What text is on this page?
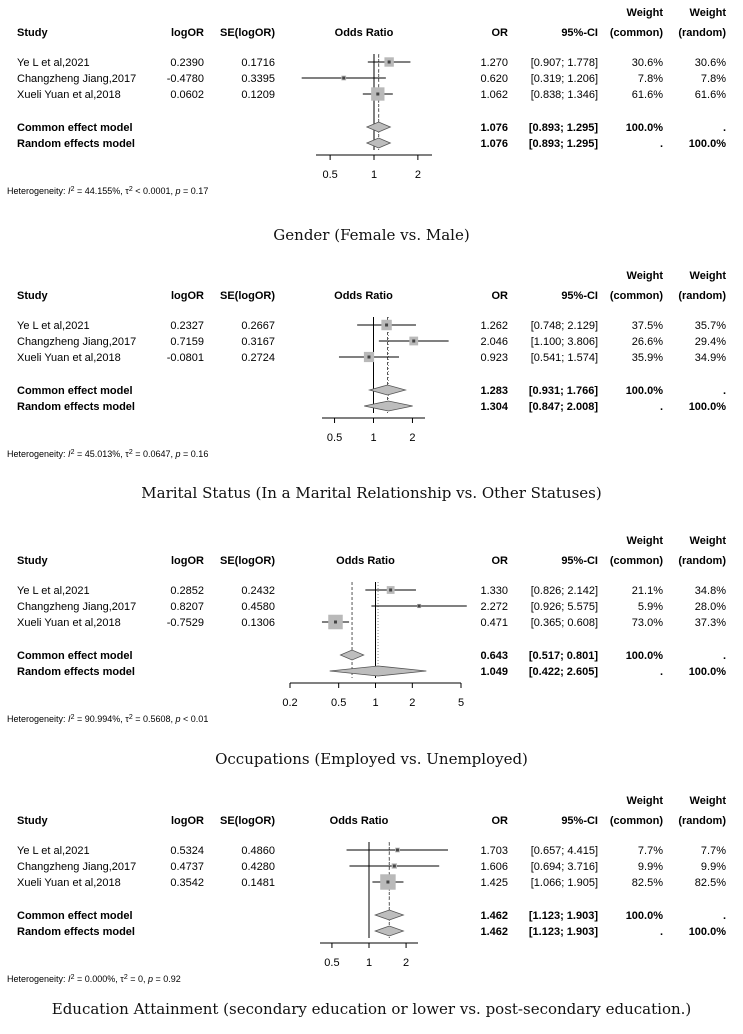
Weight Weight
Study	logOR SE(logOR)	Odds Ratio	OR	95%-CI (common) (random)
Ye L et al,2021	0.2390	0.1716	1.270 [0.907; 1.778]	30.6%	30.6%
Changzheng Jiang,2017	-0.4780	0.3395	0.620 [0.319; 1.206]	7.8%	7.8%
Xueli Yuan et al,2018	0.0602	0.1209	1.062 [0.838; 1.346]	61.6%	61.6%
Common effect model	1.076 [0.893; 1.295]	100.0%	.
Random effects model	1.076 [0.893; 1.295]	. 100.0%
0.5	1	2
Heterogeneity: $I^2 = 44.155\%$, $\tau^2 < 0.0001$, p = 0.17
Gender (Female vs. Male)
Weight Weight
Study	logOR SE(logOR)	Odds Ratio	OR	95%-CI (common) (random)
Ye L et al,2021	0.2327	0.2667	1.262 [0.748; 2.129]	37.5%	35.7%
Changzheng Jiang,2017	0.7159	0.3167	2.046 [1.100; 3.806]	26.6%	29.4%
Xueli Yuan et al,2018	-0.0801	0.2724	0.923 [0.541; 1.574]	35.9%	34.9%
Common effect model	1.283 [0.931; 1.766]	100.0%	.
Random effects model	1.304 [0.847; 2.008]	. 100.0%
0.5	1	2
Heterogeneity: $I^2 = 45.013\%$, $\tau^2 = 0.0647$, p = 0.16
Marital Status (In a Marital Relationship vs. Other Statuses)
Weight Weight
Study	logOR SE(logOR)	Odds Ratio	OR	95%-CI (common) (random)
Ye L et al,2021	0.2852	0.2432	1.330 [0.826; 2.142]	21.1%	34.8%
Changzheng Jiang,2017	0.8207	0.4580	2.272 [0.926; 5.575]	5.9%	28.0%
Xueli Yuan et al,2018	-0.7529	0.1306	0.471 [0.365; 0.608]	73.0%	37.3%
Common effect model	0.643 [0.517; 0.801]	100.0%	.
Random effects model	1.049 [0.422; 2.605]	. 100.0%
0.2	0.5 1	2	5
Heterogeneity: $I^2 = 90.994\%$, $\tau^2 = 0.5608$, p < 0.01
Occupations (Employed vs. Unemployed)
Weight Weight
Study	logOR SE(logOR)	Odds Ratio	OR	95%-CI (common) (random)
Ye L et al,2021	0.5324	0.4860	1.703 [0.657; 4.415]	7.7%	7.7%
Changzheng Jiang,2017	0.4737	0.4280	1.606 [0.694; 3.716]	9.9%	9.9%
Xueli Yuan et al,2018	0.3542	0.1481	1.425 [1.066; 1.905]	82.5%	82.5%
Common effect model	1.462 [1.123; 1.903]	100.0%	.
Random effects model	1.462 [1.123; 1.903]	. 100.0%
0.5 1	2
Heterogeneity: $I^2 = 0.000\%$, $\tau^2 = 0$, p = 0.92
Education Attainment (secondary education or lower vs. post-secondary education.)
